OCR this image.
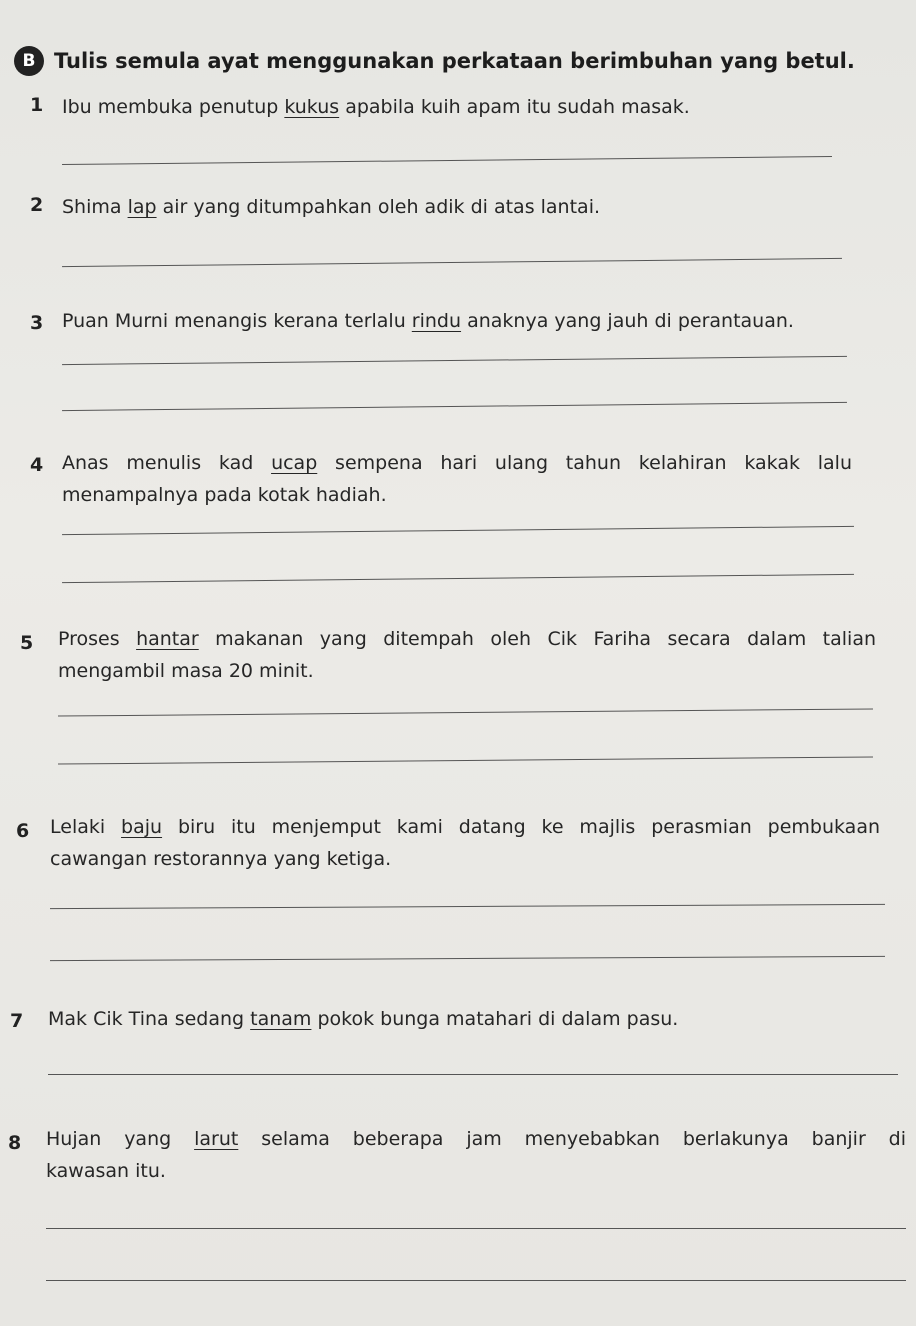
B Tulis semula ayat menggunakan perkataan berimbuhan yang betul.
1 Ibu membuka penutup kukus apabila kuih apam itu sudah masak.
2 Shima lap air yang ditumpahkan oleh adik di atas lantai.
3 Puan Murni menangis kerana terlalu rindu anaknya yang jauh di perantauan.
4 Anas menulis kad ucap sempena hari ulang tahun kelahiran kakak lalu
menampalnya pada kotak hadiah.
5 Proses hantar makanan yang ditempah oleh Cik Fariha secara dalam talian
mengambil masa 20 minit.
6 Lelaki baju biru itu menjemput kami datang ke majlis perasmian pembukaan
cawangan restorannya yang ketiga.
7 Mak Cik Tina sedang tanam pokok bunga matahari di dalam pasu.
8 Hujan yang larut selama beberapa jam menyebabkan berlakunya banjir di
kawasan itu.
